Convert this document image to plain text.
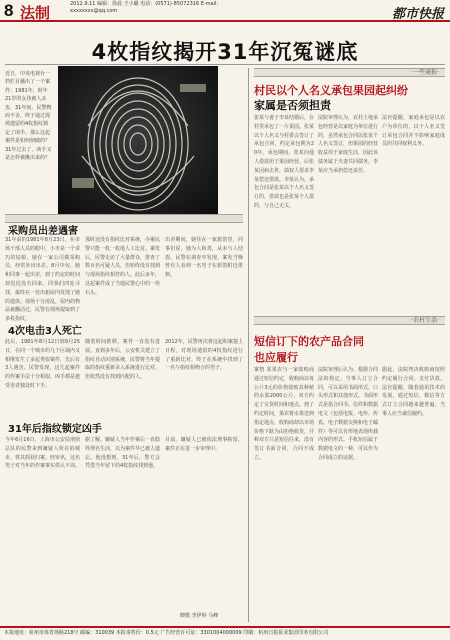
8 法制	2012.9.11 编辑：徐晨 王小璐 电话：(0571)-85072316 E-mail：xxxxxxxx@qq.com	都市快报
4枚指纹揭开31年沉冤谜底
近日，中央电视台一档栏目播出了一个案件：1981年，时年21岁的女孩被人杀害，31年间，民警锲而不舍，终于通过现场遗留的4枚指纹锁定了凶手。那么这起案件是如何侦破的？31年过去了，凶手又是怎样被揪出来的？
采购员出差遇害
31年前的1981年8月23日，在市场干部人员的眼中，小李是一个乖巧的姑娘，她在一家公司做采购员，经常外出出差。8月中旬，她和同事一起出差，到了约定的时间却迟迟没有回来。同事们四处寻找，最终在一处出租屋内发现了她的遗体。现场十分凌乱，屋内的物品被翻动过，民警在现场提取到了多枚指纹。
那时还没有指纹比对系统，办案民警只能一枚一枚地人工比对。案发后，民警走访了大量群众，排查了数百名可疑人员，但始终没有找到与现场指纹相符的人。此后多年，这起案件成了当地民警心中的一块石头。
出差期间，她住在一家旅馆里，同事们说，她为人和善，从未与人结怨。民警在调查中发现，案发当晚曾有人看到一名男子在旅馆附近徘徊。
4次电击3人死亡
此后，1981年8月12日到9月25日，在同一个城市的几个区域内又相继发生了多起类似案件，先后有3人遇害。民警发现，这几起案件的作案手法十分相似，凶手都是趁受害者独处时下手。
随着时间推移，案件一直没有进展。直到多年后，公安机关建立了指纹自动识别系统，民警将当年提取的指纹重新录入系统进行比对，但依然没有找到匹配的人。
2012年，民警再次将这起积案提上日程，对现场遗留的4枚指纹进行了重新比对，终于在系统中找到了一名与指纹相吻合的男子。
31年后指纹锁定凶手
今年6月16日，上海市公安局刑侦总队的民警来到嫌疑人所在的城市，将其抓获归案。经审讯，这名男子对当年的作案事实供认不讳。
据了解，嫌疑人当年作案后一直隐姓埋名生活，以为案件早已被人遗忘。他没想到，31年后，警方会凭借当年留下的4枚指纹找到他。
目前，嫌疑人已被依法刑事拘留，案件正在进一步审理中。
晓歌 李伊婷 马峰
·一些通报·
村民以个人名义承包果园起纠纷
家属是否须担责
张某与妻子李某结婚后，在村里承包了一片果园。张某以个人名义与村委会签订了承包合同，约定承包期为20年。承包期间，张某向他人借款用于果园经营。后张某因病去世，债权人要求李某偿还借款。李某认为，承包合同是张某以个人名义签订的，借款也是张某个人借的，与自己无关。
法院审理认为，农村土地承包经营是以家庭为单位进行的，虽然承包合同以张某个人名义签订，但果园的经营收益用于家庭生活，因此该债务属于夫妻共同债务，李某应当承担偿还责任。
法官提醒，家庭承包是以农户为单位的，以个人名义签订承包合同并不影响家庭成员的共同权利义务。
·农村生活·
短信订下的农产品合同
也应履行
案情 某果农与一家收购商通过短信约定，收购商以每公斤3元的价格收购其种植的水果2000公斤，双方约定了交货时间和地点。到了约定时间，果农将水果送到指定地点，收购商却以市场价格下跌为由拒绝收货，并称双方只是短信往来，没有签订书面合同，合同不成立。
法院审理后认为，根据合同法的规定，当事人订立合同，可以采用书面形式、口头形式和其他形式。书面形式是指合同书、信件和数据电文（包括电报、电传、传真、电子数据交换和电子邮件）等可以有形地表现所载内容的形式。手机短信属于数据电文的一种，可以作为合同成立的证据。
据此，法院判决收购商按照约定履行合同，支付货款。法官提醒，随着通讯技术的发展，通过短信、微信等方式订立合同越来越普遍，当事人应当诚信履约。
本报地址：杭州市体育场路218号 邮编：310039 本报零售价：0.5元 广告经营许可证：3301004000009 印刷：杭州日报报业集团印务有限公司
